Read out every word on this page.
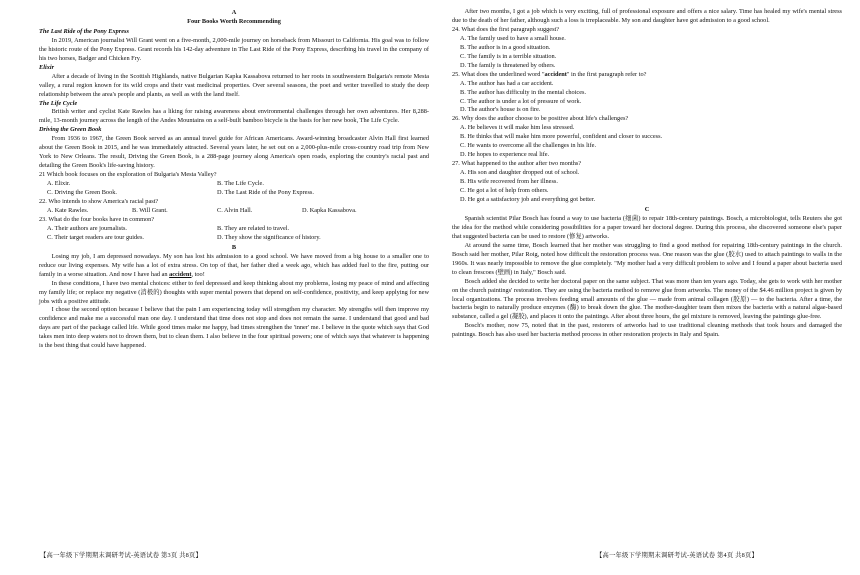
A
Four Books Worth Recommending
The Last Ride of the Pony Express

In 2019, American journalist Will Grant went on a five-month, 2,000-mile journey on horseback from Missouri to California. His goal was to follow the historic route of the Pony Express. Grant records his 142-day adventure in The Last Ride of the Pony Express, describing his travel in the company of his two horses, Badger and Chicken Fry.

Elixir

After a decade of living in the Scottish Highlands, native Bulgarian Kapka Kassabova returned to her roots in southwestern Bulgaria's remote Mesta valley, a rural region known for its wild crops and their vast medicinal properties. Over several seasons, the poet and writer travelled to study the deep relationship between the area's people and plants, as well as with the land itself.

The Life Cycle

British writer and cyclist Kate Rawles has a liking for raising awareness about environmental challenges through her own adventures. Her 8,288-mile, 13-month journey across the length of the Andes Mountains on a self-built bamboo bicycle is the basis for her new book, The Life Cycle.

Driving the Green Book

From 1936 to 1967, the Green Book served as an annual travel guide for African Americans. Award-winning broadcaster Alvin Hall first learned about the Green Book in 2015, and he was immediately attracted. Several years later, he set out on a 2,000-plus-mile cross-country road trip from New York to New Orleans. The result, Driving the Green Book, is a 288-page journey along America's open roads, exploring the country's racial past and detailing the Green Book's life-saving history.

21 Which book focuses on the exploration of Bulgaria's Mesta Valley?
A. Elixir.	B. The Life Cycle.
C. Driving the Green Book.	D. The Last Ride of the Pony Express.
22. Who intends to show America's racial past?
A. Kate Rawles.	B. Will Grant.	C. Alvin Hall.	D. Kapka Kassabova.
23. What do the four books have in common?
A. Their authors are journalists.	B. They are related to travel.
C. Their target readers are tour guides.	D. They show the significance of history.
B

Losing my job, I am depressed nowadays. My son has lost his admission to a good school. We have moved from a big house to a smaller one to reduce our living expenses. My wife has a lot of extra stress. On top of that, her father died a week ago, which has added fuel to the fire, putting our family in a worse situation. And now I have had an accident, too!

In these conditions, I have two mental choices: either to feel depressed and keep thinking about my problems, losing my peace of mind and affecting my family life; or replace my negative (消极的) thoughts with super mental powers that depend on self-confidence, positivity, and keep applying for new jobs with a positive attitude.

I chose the second option because I believe that the pain I am experiencing today will strengthen my character. My strengths will then improve my confidence and make me a successful man one day. I understand that time does not stop and does not remain the same. I understand that good and bad days are part of the package called life. While good times make me happy, bad times strengthen the 'inner' me. I believe in the quote which says that God takes men into deep waters not to drown them, but to clean them. I also believe in the four spiritual powers; one of which says that whatever is happening is the best thing that could have happened.

【高一年级下学期期末调研考试-英语试卷 第3页 共8页】

After two months, I got a job which is very exciting, full of professional exposure and offers a nice salary. Time has healed my wife's mental stress due to the death of her father, although such a loss is irreplaceable. My son and daughter have got admission to a good school.

24. What does the first paragraph suggest?
A. The family used to have a small house.
B. The author is in a good situation.
C. The family is in a terrible situation.
D. The family is threatened by others.
25. What does the underlined word "accident" in the first paragraph refer to?
A. The author has had a car accident.
B. The author has difficulty in the mental choices.
C. The author is under a lot of pressure of work.
D. The author's house is on fire.
26. Why does the author choose to be positive about life's challenges?
A. He believes it will make him less stressed.
B. He thinks that will make him more powerful, confident and closer to success.
C. He wants to overcome all the challenges in his life.
D. He hopes to experience real life.
27. What happened to the author after two months?
A. His son and daughter dropped out of school.
B. His wife recovered from her illness.
C. He got a lot of help from others.
D. He got a satisfactory job and everything got better.
C

Spanish scientist Pilar Bosch has found a way to use bacteria (细菌) to repair 18th-century paintings. Bosch, a microbiologist, tells Reuters she got the idea for the method while considering possibilities for a paper toward her doctoral degree. During this process, she discovered someone else's paper that suggested bacteria can be used to restore (修复) artworks.

At around the same time, Bosch learned that her mother was struggling to find a good method for repairing 18th-century paintings in the church. Bosch said her mother, Pilar Roig, noted how difficult the restoration process was. One reason was the glue (胶水) used to attach paintings to walls in the 1960s. It was nearly impossible to remove the glue completely. "My mother had a very difficult problem to solve and I found a paper about bacteria used to clean frescoes (壁画) in Italy," Bosch said.

Bosch added she decided to write her doctoral paper on the same subject. That was more than ten years ago. Today, she gets to work with her mother on the church paintings' restoration. They are using the bacteria method to remove glue from artworks. The money of the $4.46 million project is given by local organizations. The process involves feeding small amounts of the glue — made from animal collagen (胶原) — to the bacteria. After a time, the bacteria begin to naturally produce enzymes (酶) to break down the glue. The mother-daughter team then mixes the bacteria with a natural algae-based substance, called a gel (凝胶), and places it onto the paintings. After about three hours, the gel mixture is removed, leaving the paintings glue-free.

Bosch's mother, now 75, noted that in the past, restorers of artworks had to use traditional cleaning methods that took hours and damaged the paintings. Bosch has also used her bacteria method process in other restoration projects in Italy and Spain.

【高一年级下学期期末调研考试-英语试卷 第4页 共8页】
